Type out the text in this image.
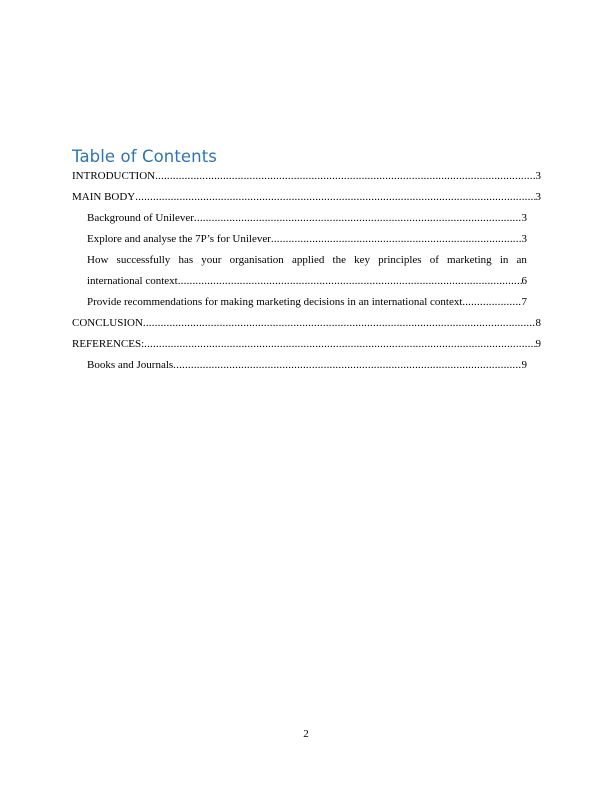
Table of Contents
INTRODUCTION .....	3
MAIN BODY .....	3
Background of Unilever .....	3
Explore and analyse the 7P’s for Unilever .....	3
How successfully has your organisation applied the key principles of marketing in an
international context .....	6
Provide recommendations for making marketing decisions in an international context. .....	7
CONCLUSION .....	8
REFERENCES: .....	9
Books and Journals .....	9
2
